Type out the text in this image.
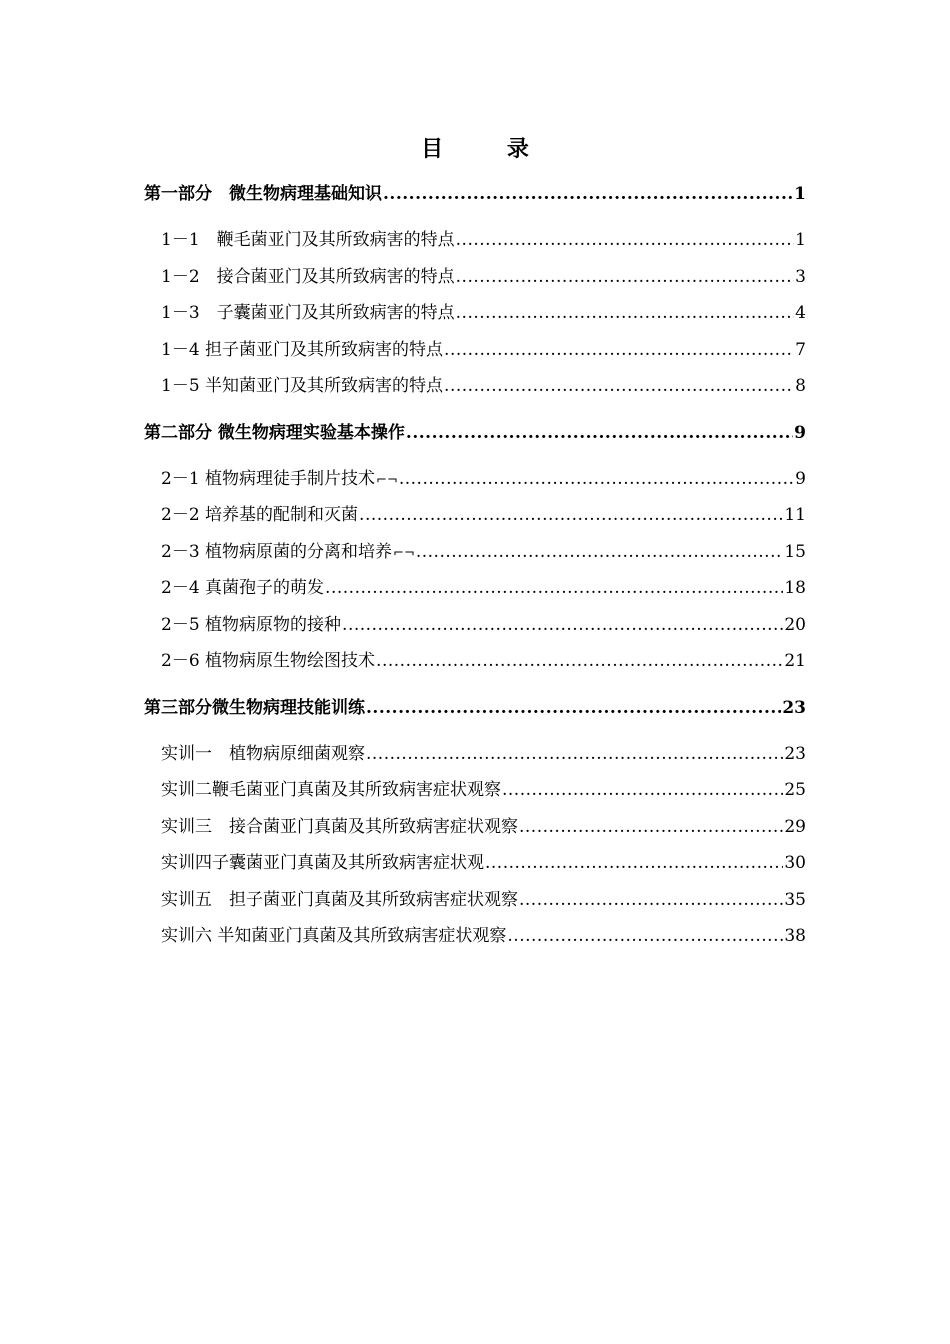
目 录
第一部分　微生物病理基础知识 .....	1
1－1　鞭毛菌亚门及其所致病害的特点 .....	1
1－2　接合菌亚门及其所致病害的特点 .....	3
1－3　子囊菌亚门及其所致病害的特点 .....	4
1－4 担子菌亚门及其所致病害的特点 .....	7
1－5 半知菌亚门及其所致病害的特点 .....	8
第二部分 微生物病理实验基本操作 .....	9
2－1 植物病理徒手制片技术 ⌐¬ .....	9
2－2 培养基的配制和灭菌 .....	11
2－3 植物病原菌的分离和培养 ⌐¬ .....	15
2－4 真菌孢子的萌发 .....	18
2－5 植物病原物的接种 .....	20
2－6 植物病原生物绘图技术 .....	21
第三部分微生物病理技能训练 .....	23
实训一　植物病原细菌观察 .....	23
实训二鞭毛菌亚门真菌及其所致病害症状观察 .....	25
实训三　接合菌亚门真菌及其所致病害症状观察 .....	29
实训四子囊菌亚门真菌及其所致病害症状观 .....	30
实训五　担子菌亚门真菌及其所致病害症状观察 .....	35
实训六 半知菌亚门真菌及其所致病害症状观察 .....	38
